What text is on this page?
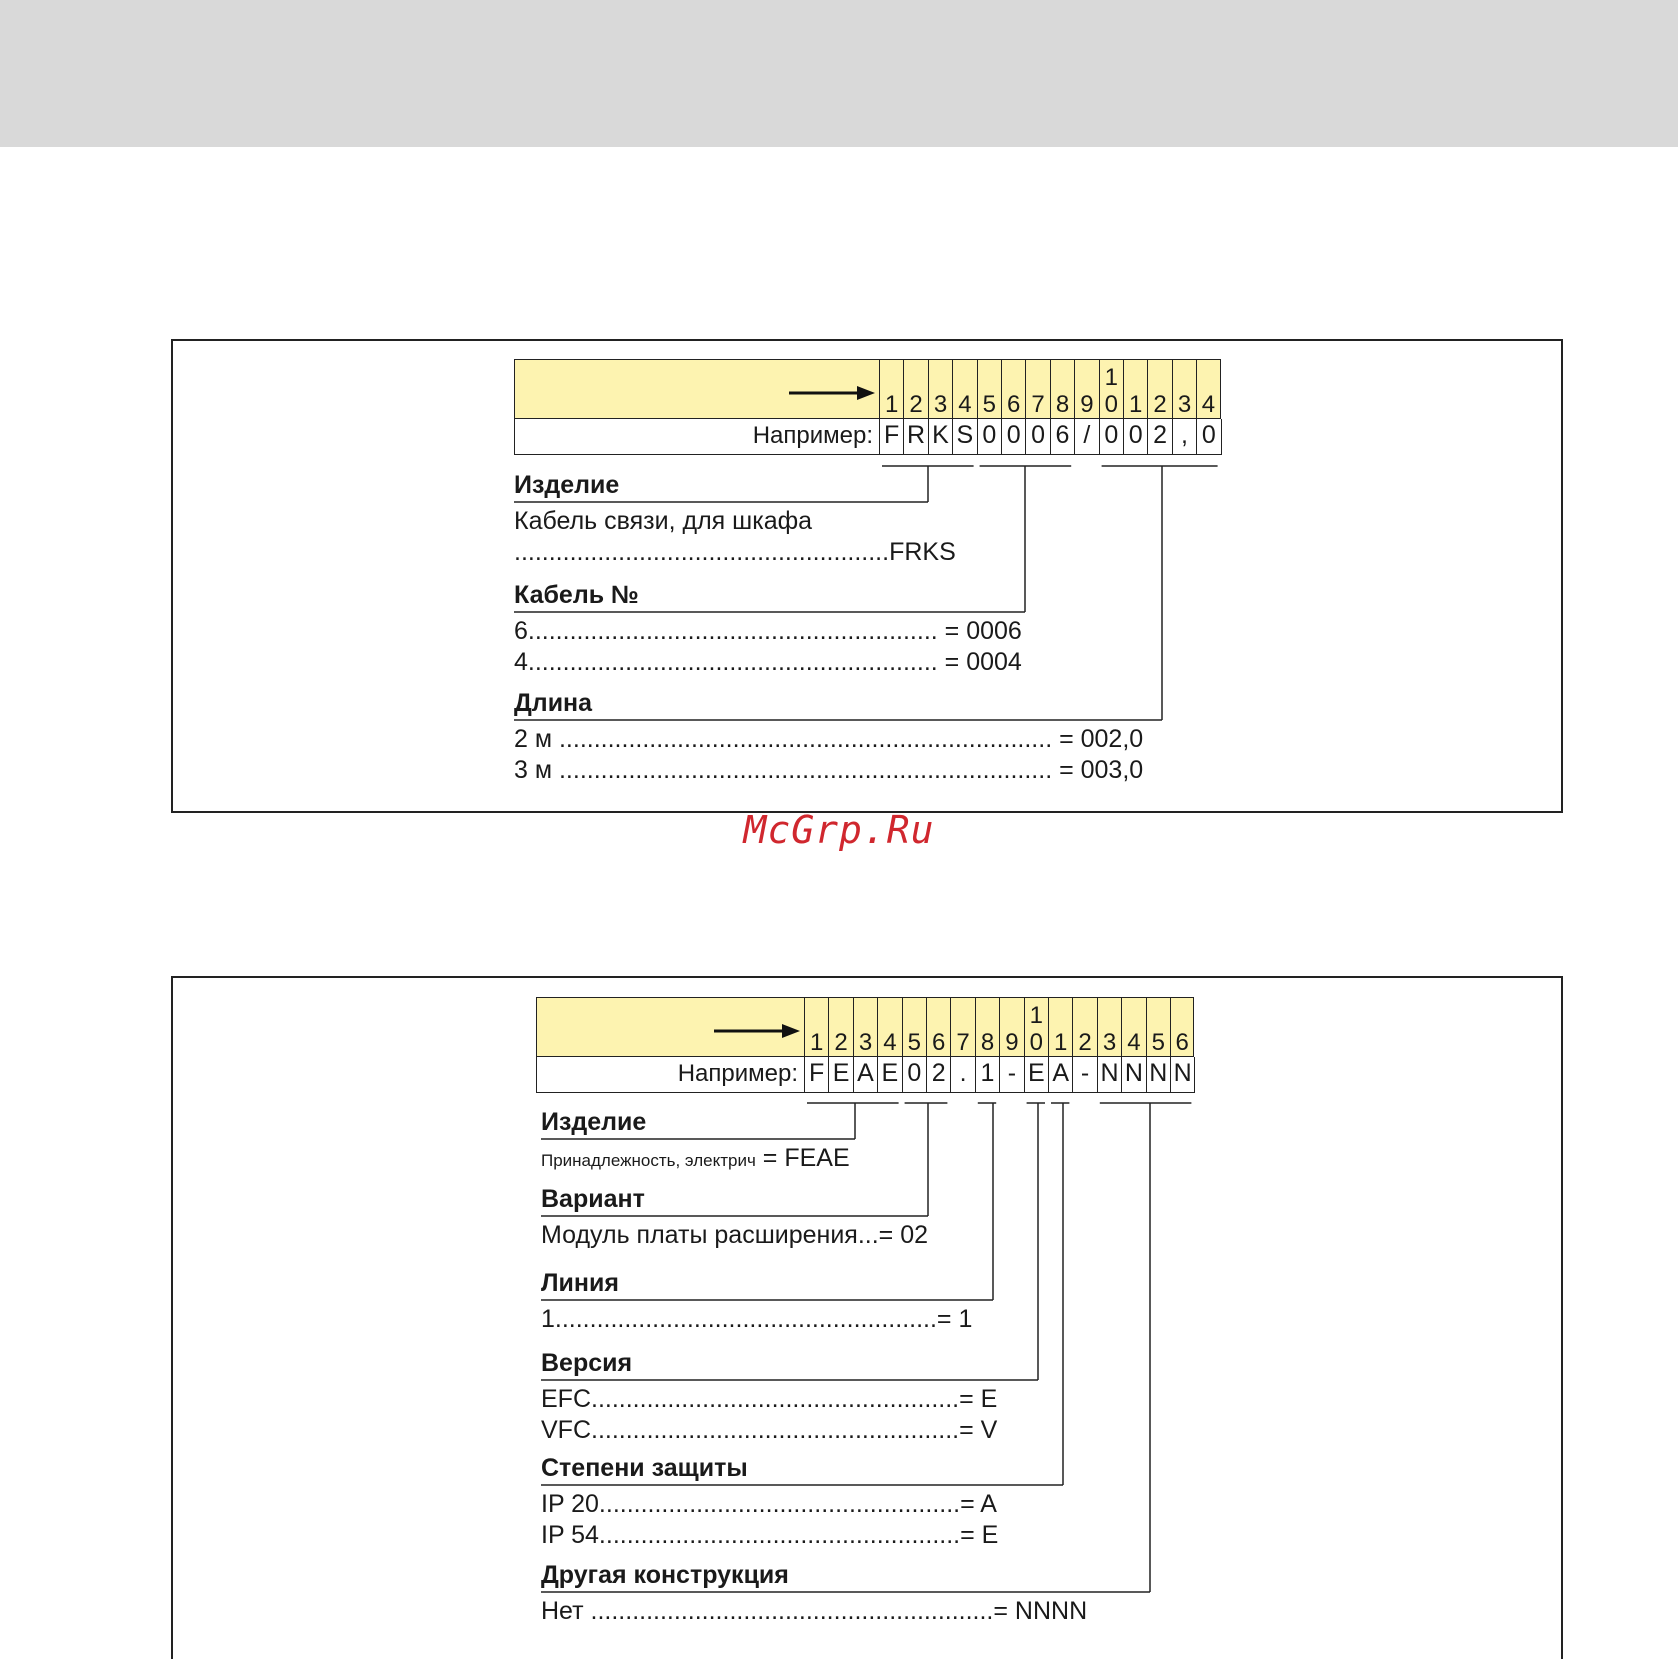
McGrp.Ru
1 2 3 4 5 6 7 8 9
1
0 1 2 3 4
Например: F R K S 0 0 0 6 / 0 0 2 , 0
Изделие
Кабель связи, для шкафа
......................................................FRKS
Кабель №
6........................................................... = 0006
4........................................................... = 0004
Длина
2 м ....................................................................... = 002,0
3 м ....................................................................... = 003,0
1 2 3 4 5 6 7 8 9
1
0 1 2 3 4 5 6
Например: F E A E 0 2 . 1 - E A - N N N N
Изделие
Принадлежность, электрич = FEAE
Вариант
Модуль платы расширения...= 02
Линия
1.......................................................= 1
Версия
EFC.....................................................= E
VFC.....................................................= V
Степени защиты
IP 20....................................................= A
IP 54....................................................= E
Другая конструкция
Нет ..........................................................= NNNN
